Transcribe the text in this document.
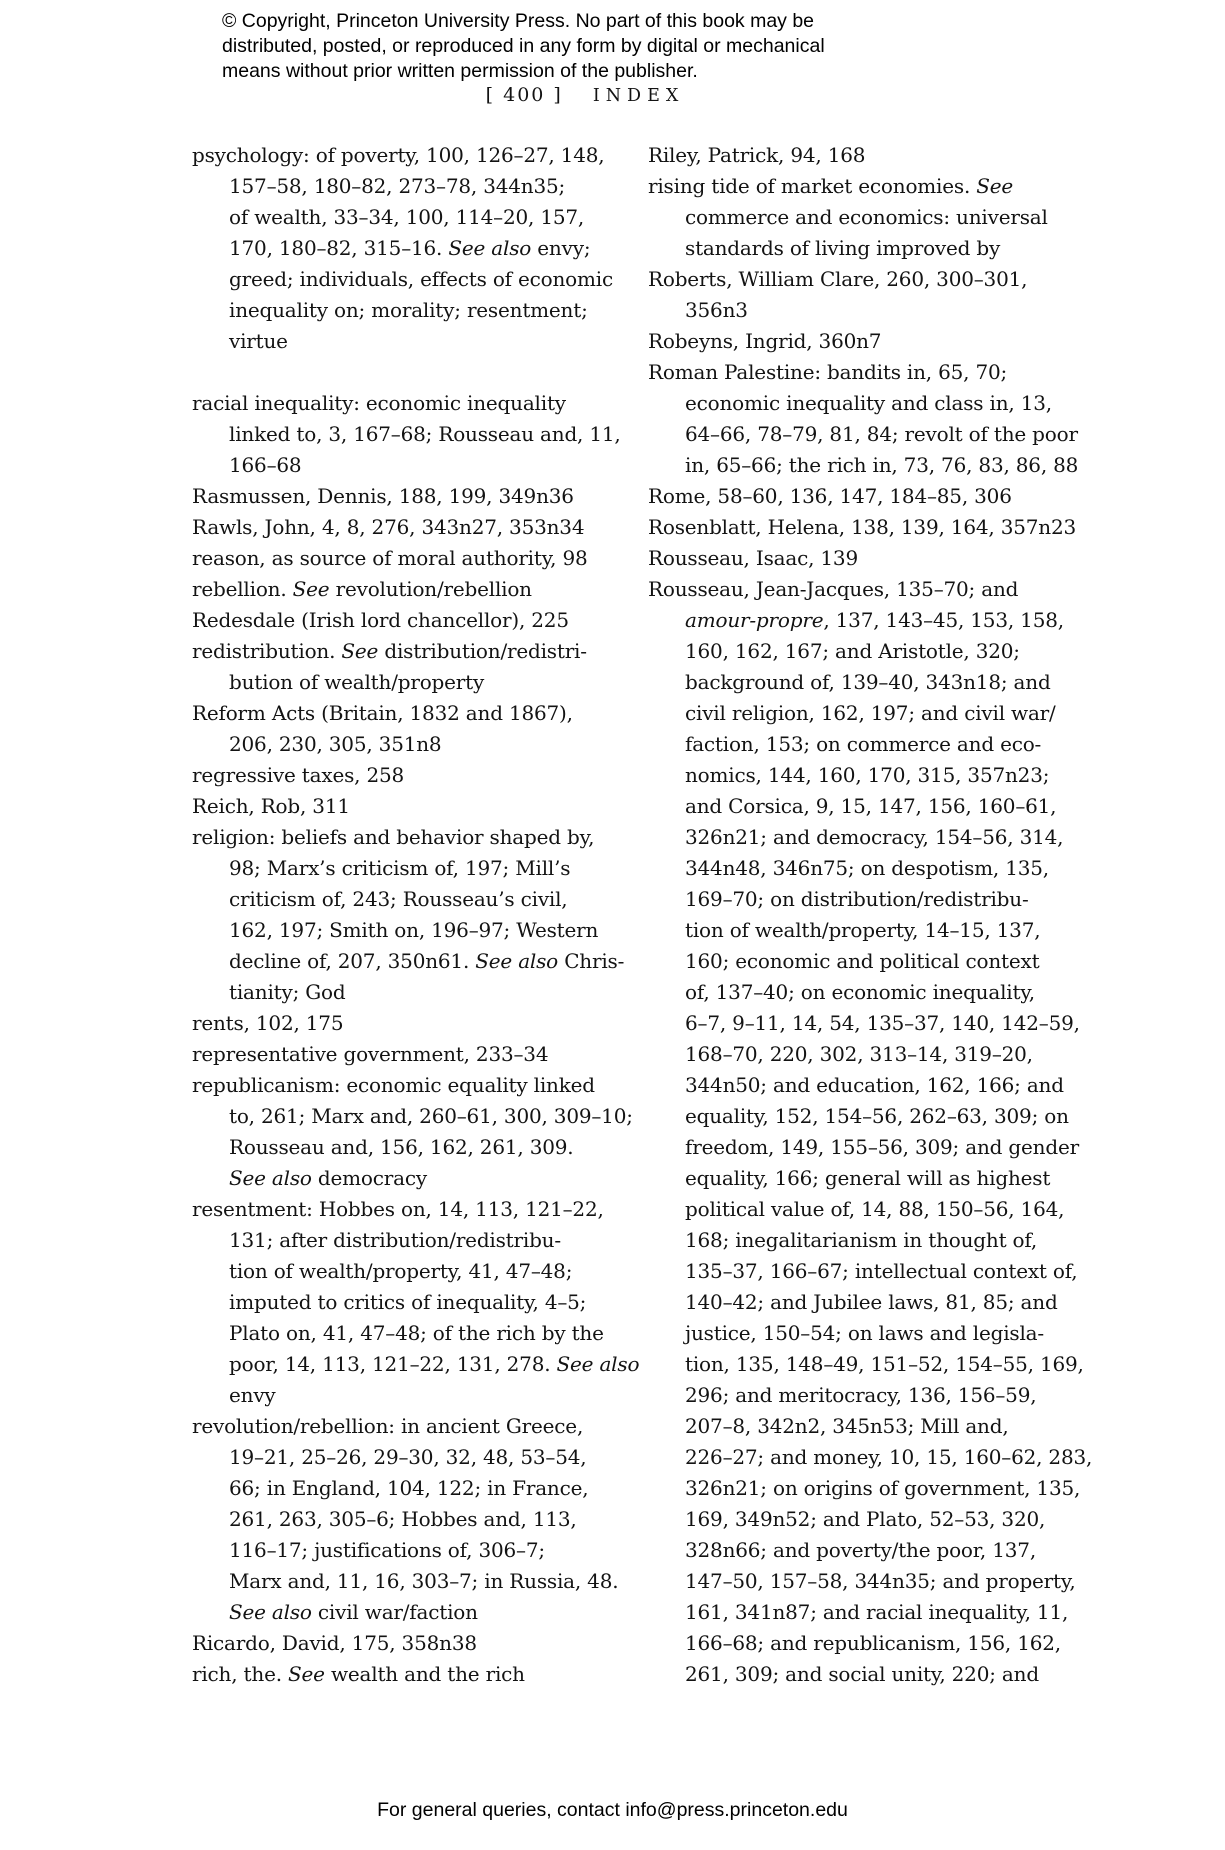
© Copyright, Princeton University Press. No part of this book may be
distributed, posted, or reproduced in any form by digital or mechanical
means without prior written permission of the publisher.
[ 400 ] INDEX
psychology: of poverty, 100, 126–27, 148,
157–58, 180–82, 273–78, 344n35;
of wealth, 33–34, 100, 114–20, 157,
170, 180–82, 315–16. See also envy;
greed; individuals, effects of economic
inequality on; morality; resentment;
virtue
racial inequality: economic inequality
linked to, 3, 167–68; Rousseau and, 11,
166–68
Rasmussen, Dennis, 188, 199, 349n36
Rawls, John, 4, 8, 276, 343n27, 353n34
reason, as source of moral authority, 98
rebellion. See revolution/rebellion
Redesdale (Irish lord chancellor), 225
redistribution. See distribution/redistri-
bution of wealth/property
Reform Acts (Britain, 1832 and 1867),
206, 230, 305, 351n8
regressive taxes, 258
Reich, Rob, 311
religion: beliefs and behavior shaped by,
98; Marx’s criticism of, 197; Mill’s
criticism of, 243; Rousseau’s civil,
162, 197; Smith on, 196–97; Western
decline of, 207, 350n61. See also Chris-
tianity; God
rents, 102, 175
representative government, 233–34
republicanism: economic equality linked
to, 261; Marx and, 260–61, 300, 309–10;
Rousseau and, 156, 162, 261, 309.
See also democracy
resentment: Hobbes on, 14, 113, 121–22,
131; after distribution/redistribu-
tion of wealth/property, 41, 47–48;
imputed to critics of inequality, 4–5;
Plato on, 41, 47–48; of the rich by the
poor, 14, 113, 121–22, 131, 278. See also
envy
revolution/rebellion: in ancient Greece,
19–21, 25–26, 29–30, 32, 48, 53–54,
66; in England, 104, 122; in France,
261, 263, 305–6; Hobbes and, 113,
116–17; justifications of, 306–7;
Marx and, 11, 16, 303–7; in Russia, 48.
See also civil war/faction
Ricardo, David, 175, 358n38
rich, the. See wealth and the rich
Riley, Patrick, 94, 168
rising tide of market economies. See
commerce and economics: universal
standards of living improved by
Roberts, William Clare, 260, 300–301,
356n3
Robeyns, Ingrid, 360n7
Roman Palestine: bandits in, 65, 70;
economic inequality and class in, 13,
64–66, 78–79, 81, 84; revolt of the poor
in, 65–66; the rich in, 73, 76, 83, 86, 88
Rome, 58–60, 136, 147, 184–85, 306
Rosenblatt, Helena, 138, 139, 164, 357n23
Rousseau, Isaac, 139
Rousseau, Jean-Jacques, 135–70; and
amour-propre, 137, 143–45, 153, 158,
160, 162, 167; and Aristotle, 320;
background of, 139–40, 343n18; and
civil religion, 162, 197; and civil war/
faction, 153; on commerce and eco-
nomics, 144, 160, 170, 315, 357n23;
and Corsica, 9, 15, 147, 156, 160–61,
326n21; and democracy, 154–56, 314,
344n48, 346n75; on despotism, 135,
169–70; on distribution/redistribu-
tion of wealth/property, 14–15, 137,
160; economic and political context
of, 137–40; on economic inequality,
6–7, 9–11, 14, 54, 135–37, 140, 142–59,
168–70, 220, 302, 313–14, 319–20,
344n50; and education, 162, 166; and
equality, 152, 154–56, 262–63, 309; on
freedom, 149, 155–56, 309; and gender
equality, 166; general will as highest
political value of, 14, 88, 150–56, 164,
168; inegalitarianism in thought of,
135–37, 166–67; intellectual context of,
140–42; and Jubilee laws, 81, 85; and
justice, 150–54; on laws and legisla-
tion, 135, 148–49, 151–52, 154–55, 169,
296; and meritocracy, 136, 156–59,
207–8, 342n2, 345n53; Mill and,
226–27; and money, 10, 15, 160–62, 283,
326n21; on origins of government, 135,
169, 349n52; and Plato, 52–53, 320,
328n66; and poverty/the poor, 137,
147–50, 157–58, 344n35; and property,
161, 341n87; and racial inequality, 11,
166–68; and republicanism, 156, 162,
261, 309; and social unity, 220; and
For general queries, contact info@press.princeton.edu
